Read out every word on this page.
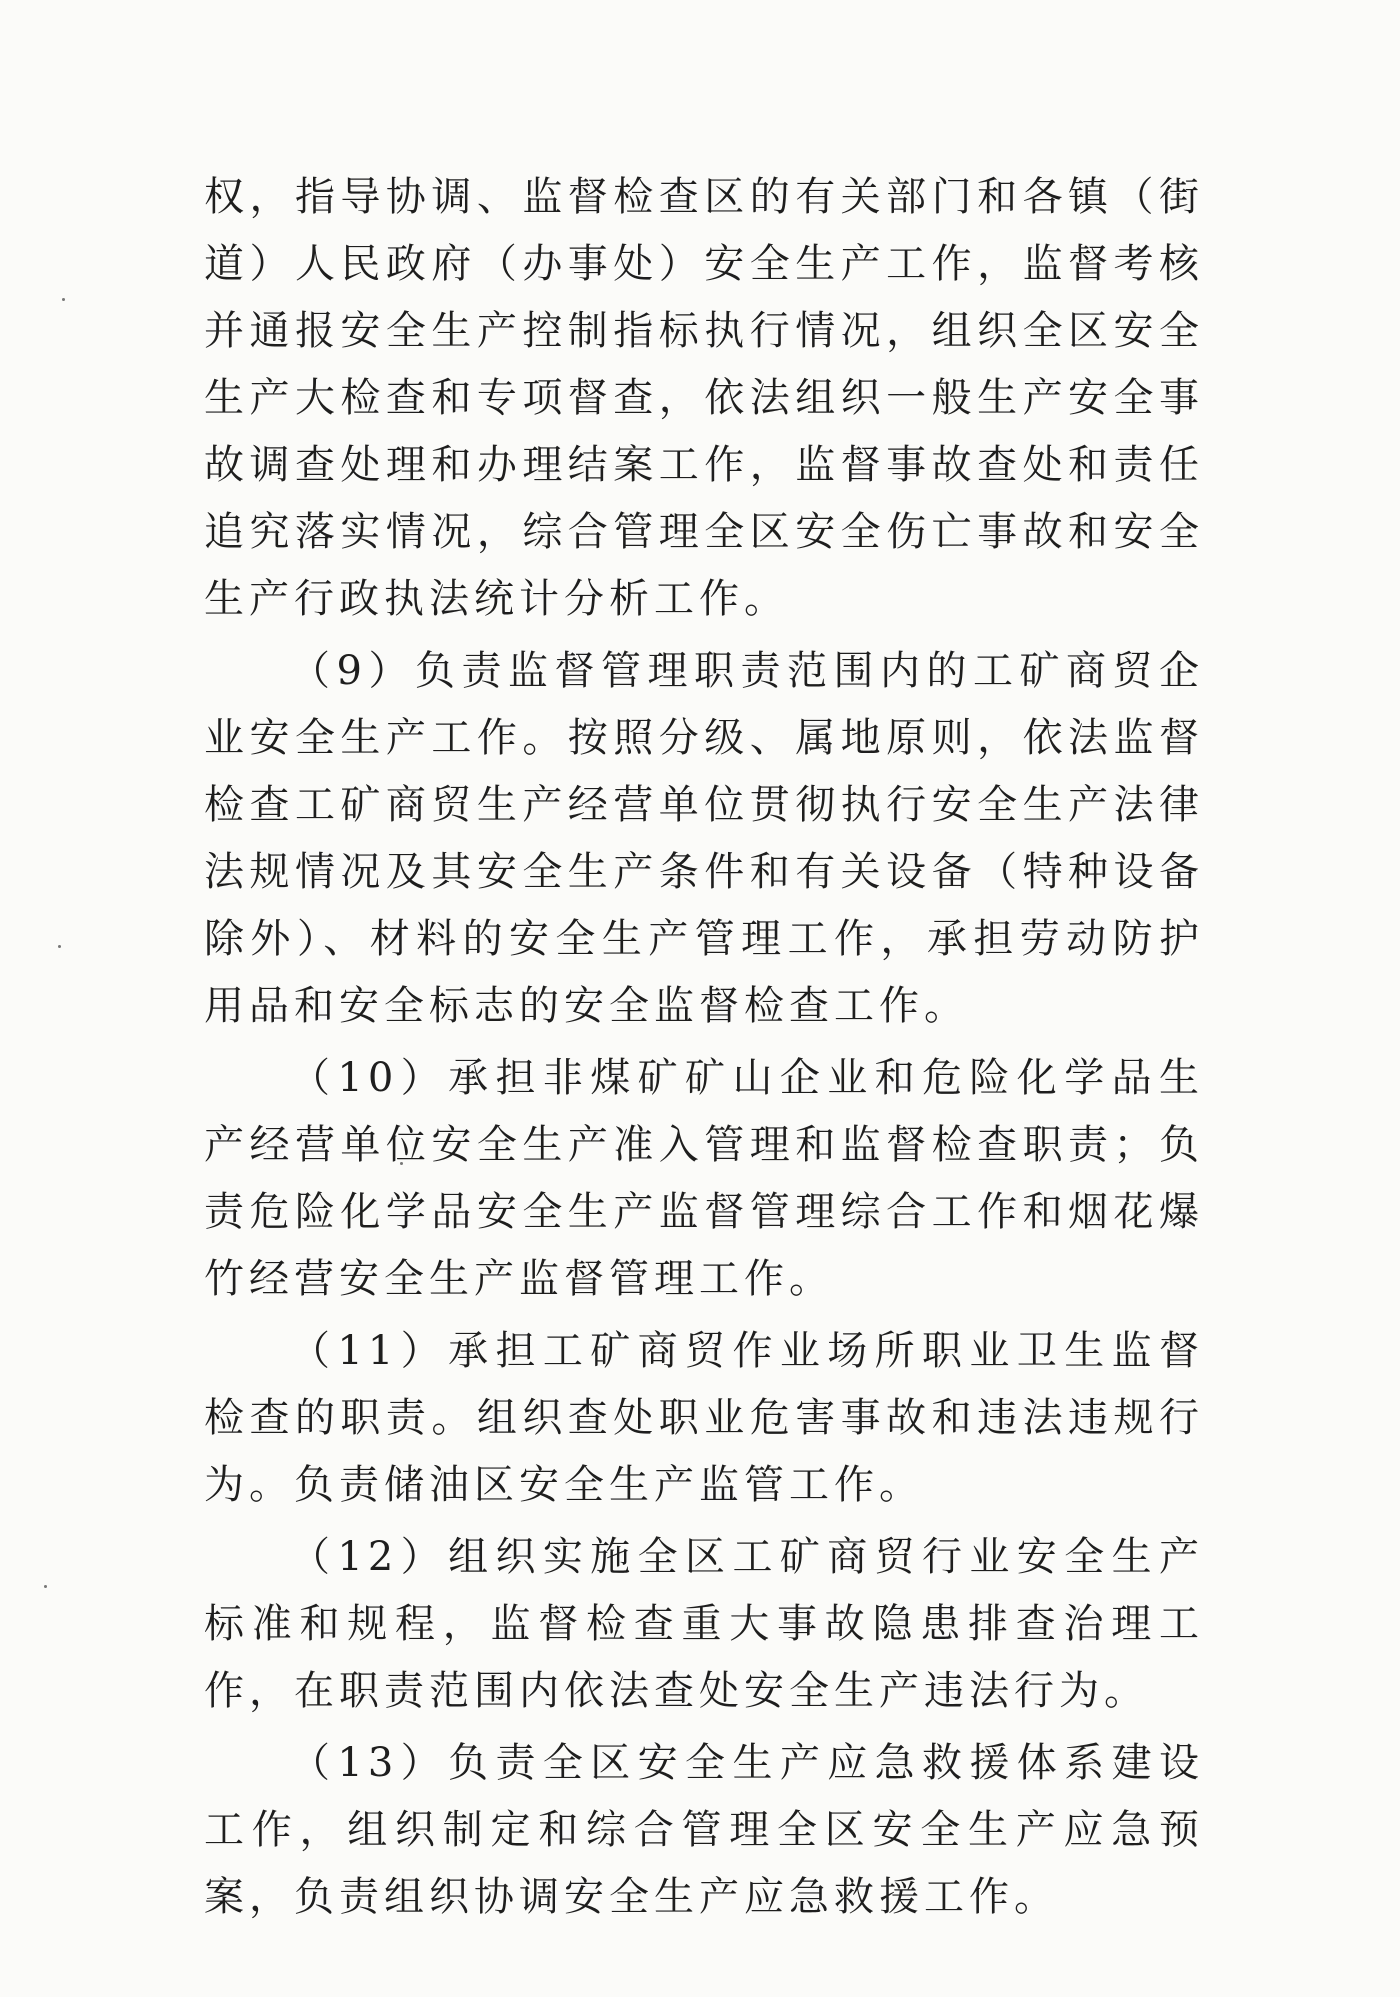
权，指导协调、监督检查区的有关部门和各镇（街道）人民政府（办事处）安全生产工作，监督考核并通报安全生产控制指标执行情况，组织全区安全生产大检查和专项督查，依法组织一般生产安全事故调查处理和办理结案工作，监督事故查处和责任追究落实情况，综合管理全区安全伤亡事故和安全生产行政执法统计分析工作。

（9）负责监督管理职责范围内的工矿商贸企业安全生产工作。按照分级、属地原则，依法监督检查工矿商贸生产经营单位贯彻执行安全生产法律法规情况及其安全生产条件和有关设备（特种设备除外）、材料的安全生产管理工作，承担劳动防护用品和安全标志的安全监督检查工作。

（10）承担非煤矿矿山企业和危险化学品生产经营单位安全生产准入管理和监督检查职责；负责危险化学品安全生产监督管理综合工作和烟花爆竹经营安全生产监督管理工作。

（11）承担工矿商贸作业场所职业卫生监督检查的职责。组织查处职业危害事故和违法违规行为。负责储油区安全生产监管工作。

（12）组织实施全区工矿商贸行业安全生产标准和规程，监督检查重大事故隐患排查治理工作，在职责范围内依法查处安全生产违法行为。

（13）负责全区安全生产应急救援体系建设工作，组织制定和综合管理全区安全生产应急预案，负责组织协调安全生产应急救援工作。
